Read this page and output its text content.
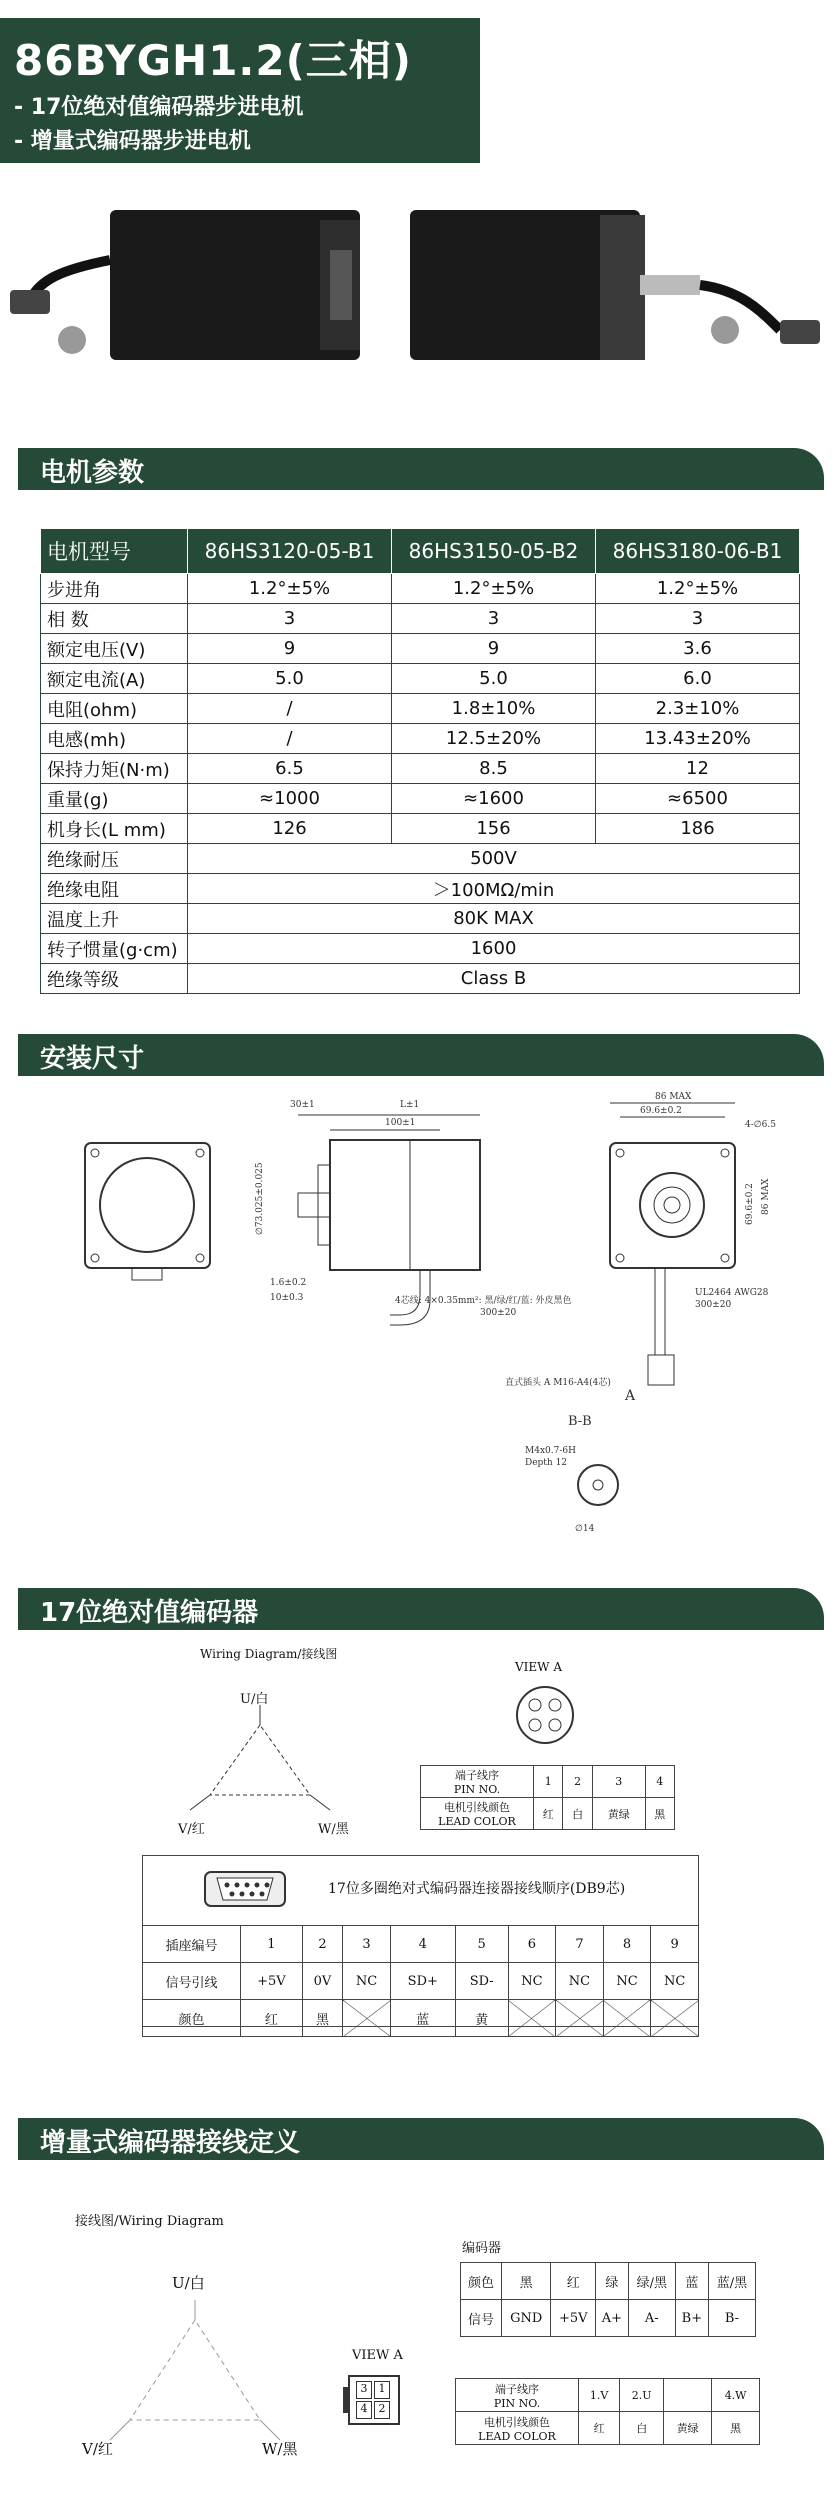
86BYGH1.2(三相)
- 17位绝对值编码器步进电机
- 增量式编码器步进电机
电机参数
电机型号	86HS3120-05-B1	86HS3150-05-B2	86HS3180-06-B1
步进角	1.2°±5%	1.2°±5%	1.2°±5%
相 数	3	3	3
额定电压(V)	9	9	3.6
额定电流(A)	5.0	5.0	6.0
电阻(ohm)	/	1.8±10%	2.3±10%
电感(mh)	/	12.5±20%	13.43±20%
保持力矩(N·m)	6.5	8.5	12
重量(g)	≈1000	≈1600	≈6500
机身长(L mm)	126	156	186
绝缘耐压	500V		
绝缘电阻	＞100MΩ/min		
温度上升	80K MAX		
转子惯量(g·cm)	1600		
绝缘等级	Class B		
安装尺寸
30±1	L±1
100±1
1.6±0.2
10±0.3
∅73.025±0.025
4芯线: 4×0.35mm²: 黑/绿/红/蓝: 外皮黑色
300±20
86 MAX
69.6±0.2
4-∅6.5
69.6±0.2 86 MAX
UL2464 AWG28
300±20
直式插头 A M16-A4(4芯)
A
B-B
M4x0.7-6H
Depth 12
∅14
17位绝对值编码器
Wiring Diagram/接线图
U/白
V/红	W/黑
VIEW A
端子线序
PIN NO.	1	2	3	4
电机引线颜色
LEAD COLOR	红	白	黄绿	黑
17位多圈绝对式编码器连接器接线顺序(DB9芯)
插座编号	1	2	3	4	5	6	7	8	9
信号引线	+5V	0V	NC	SD+	SD-	NC	NC	NC	NC
颜色	红	黑		蓝	黄				
增量式编码器接线定义
接线图/Wiring Diagram
U/白
V/红	W/黑
VIEW A
3	1
4	2
编码器
颜色	黑	红	绿	绿/黑	蓝	蓝/黑
信号	GND	+5V	A+	A-	B+	B-
端子线序
PIN NO.	1.V	2.U		4.W
电机引线颜色
LEAD COLOR	红	白	黄绿	黑
